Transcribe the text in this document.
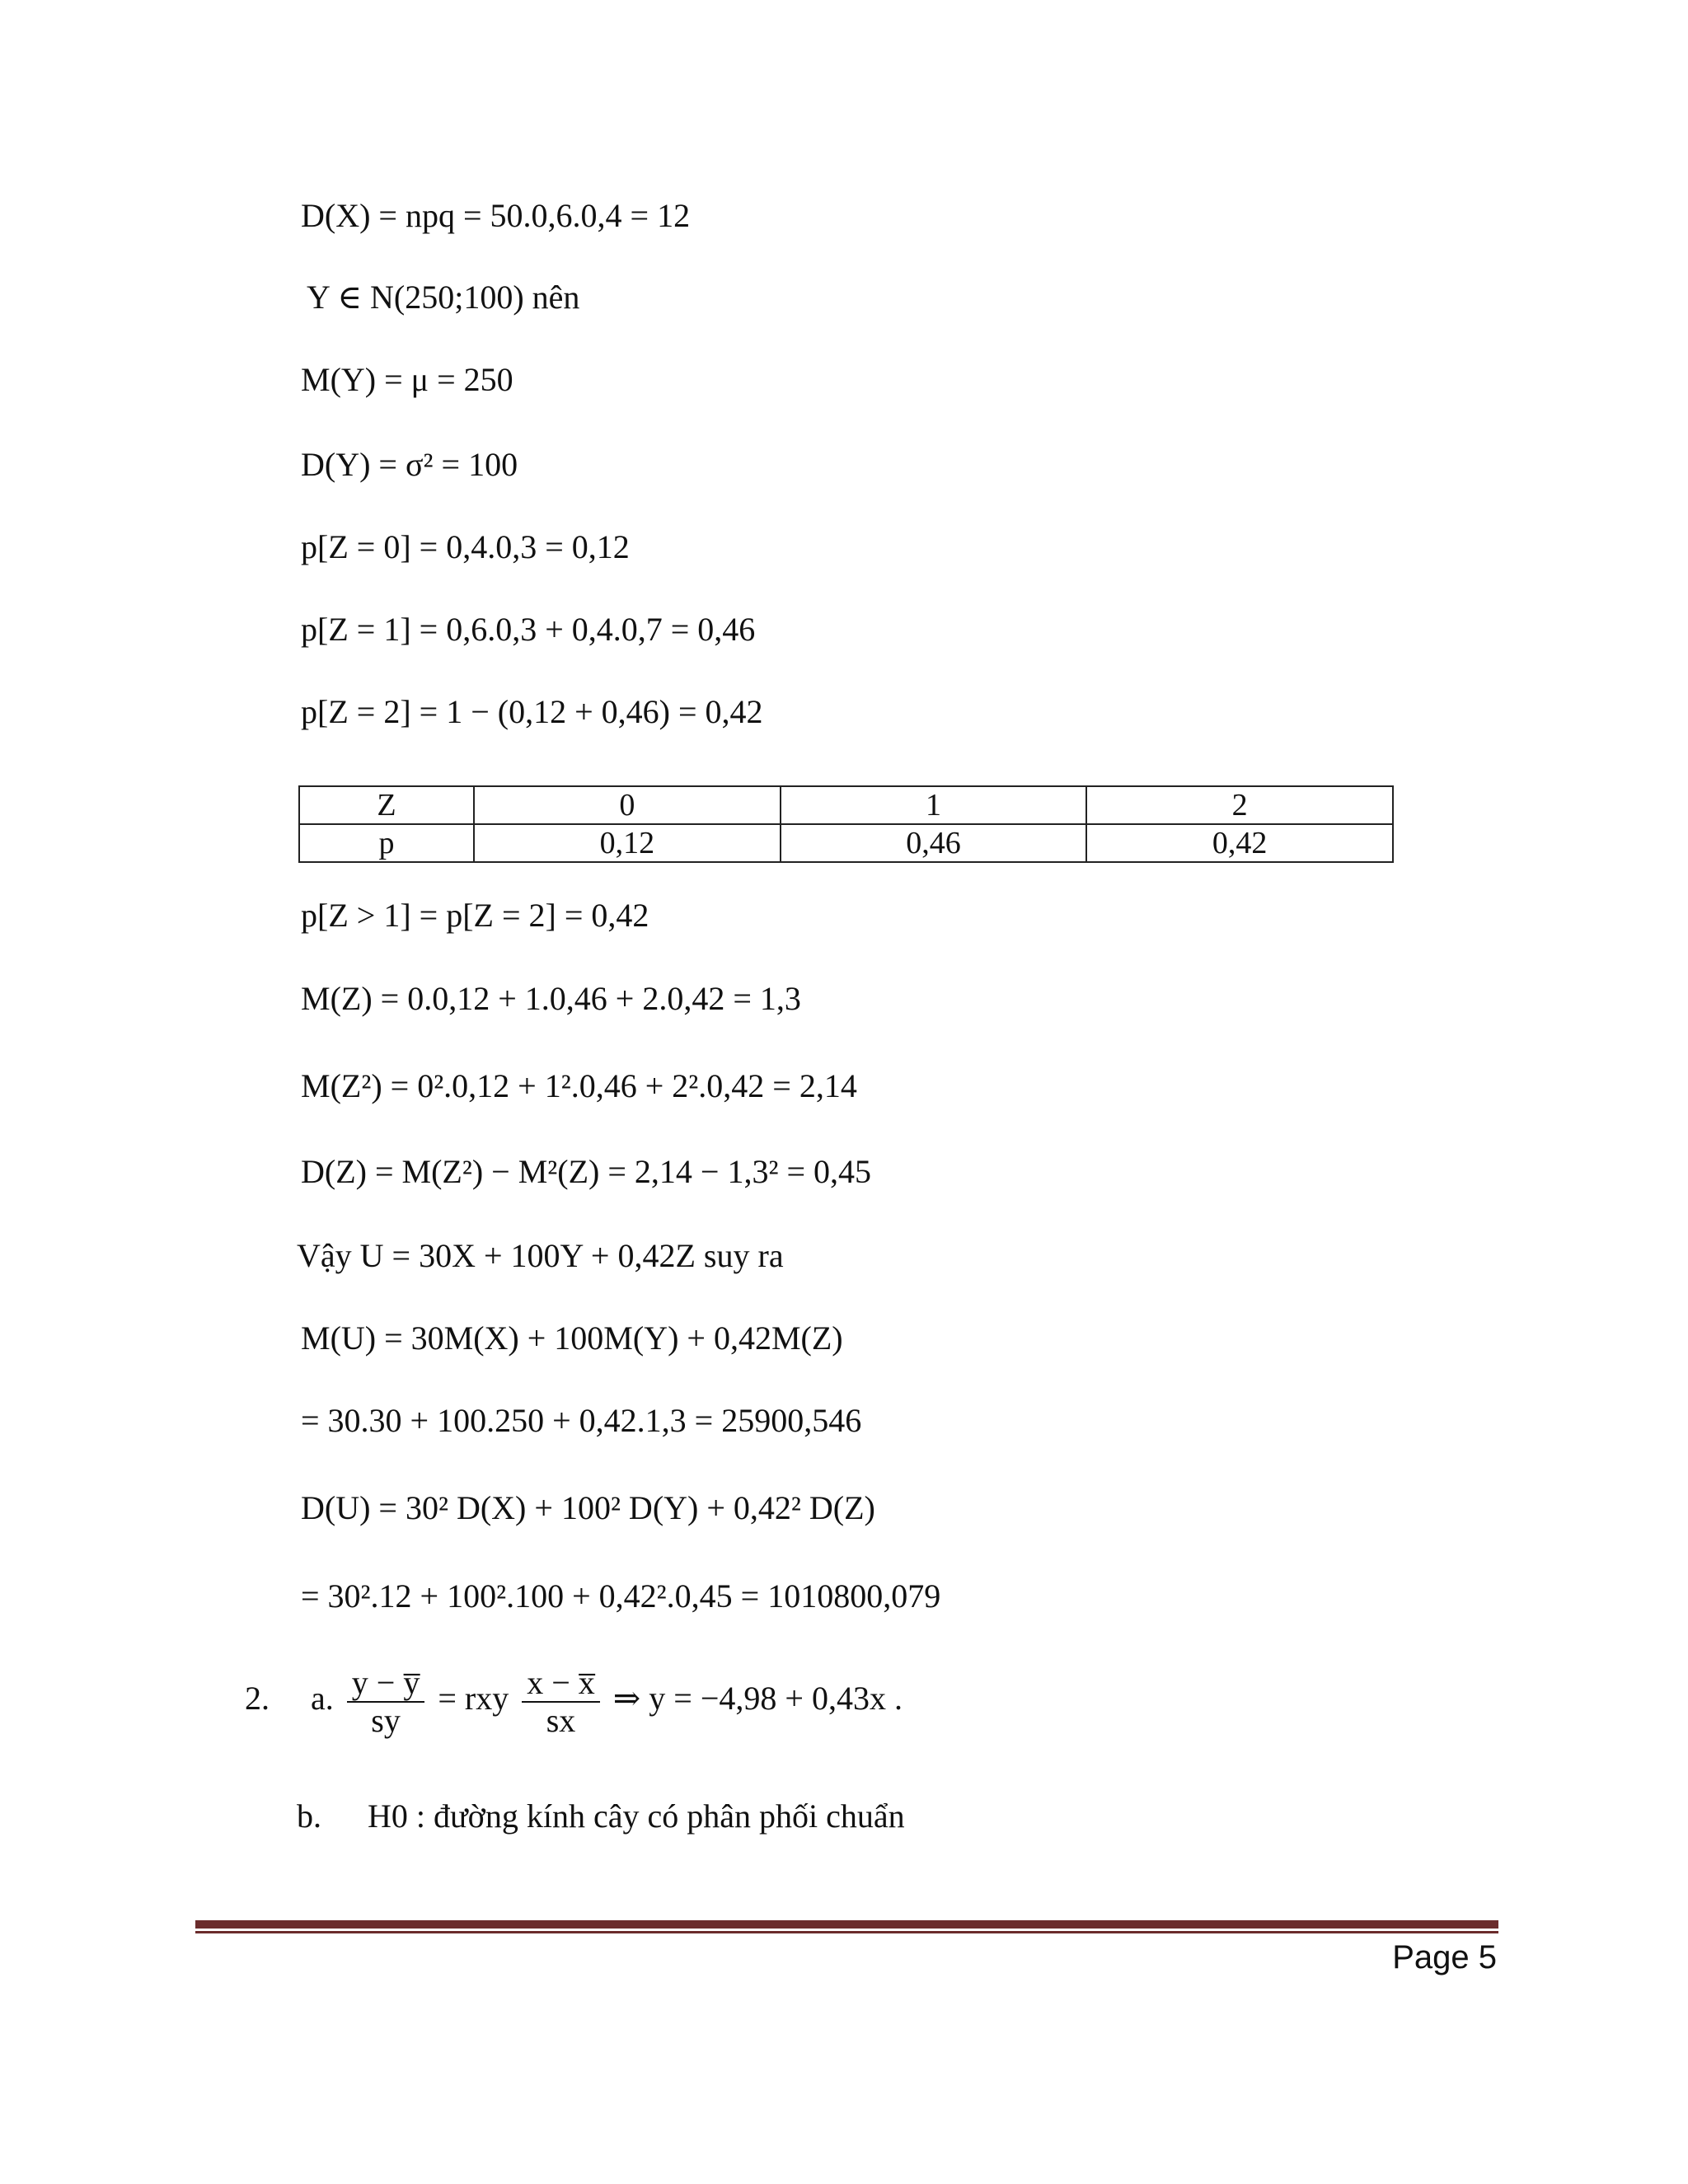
D(X) = npq = 50.0,6.0,4 = 12
Y ∈ N(250;100) nên
M(Y) = μ = 250
D(Y) = σ² = 100
p[Z = 0] = 0,4.0,3 = 0,12
p[Z = 1] = 0,6.0,3 + 0,4.0,7 = 0,46
p[Z = 2] = 1 − (0,12 + 0,46) = 0,42
Z	0	1	2
p	0,12	0,46	0,42
p[Z > 1] = p[Z = 2] = 0,42
M(Z) = 0.0,12 + 1.0,46 + 2.0,42 = 1,3
M(Z²) = 0².0,12 + 1².0,46 + 2².0,42 = 2,14
D(Z) = M(Z²) − M²(Z) = 2,14 − 1,3² = 0,45
Vậy U = 30X + 100Y + 0,42Z suy ra
M(U) = 30M(X) + 100M(Y) + 0,42M(Z)
= 30.30 + 100.250 + 0,42.1,3 = 25900,546
D(U) = 30² D(X) + 100² D(Y) + 0,42² D(Z)
= 30².12 + 100².100 + 0,42².0,45 = 1010800,079
2. a. $\frac{y - y̅}{sy}$ = rxy $\frac{x - x̅}{sx}$ ⇒ y = −4,98 + 0,43x .
b. H0 : đường kính cây có phân phối chuẩn
Page 5
